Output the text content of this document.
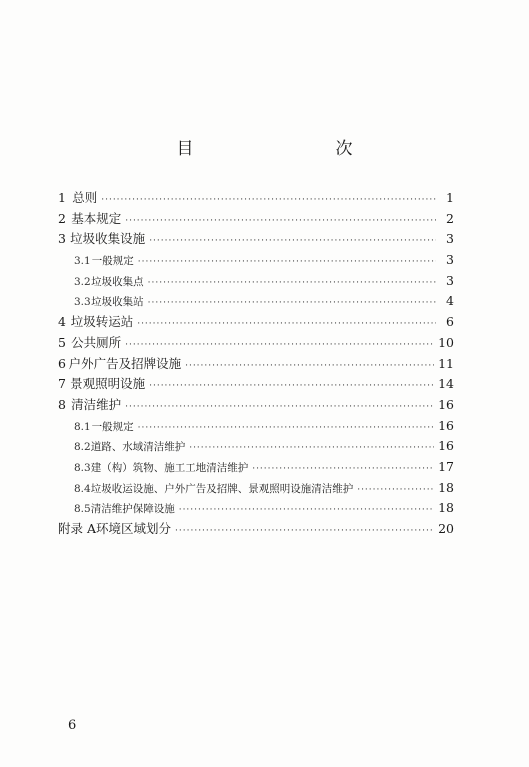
目　　次
1 总则 ·····	1
2 基本规定 ·····	2
3 垃圾收集设施 ·····	3
3.1 一般规定 ·····	3
3.2 垃圾收集点 ·····	3
3.3 垃圾收集站 ·····	4
4 垃圾转运站 ·····	6
5 公共厕所 ·····	10
6 户外广告及招牌设施 ·····	11
7 景观照明设施 ·····	14
8 清洁维护 ·····	16
8.1 一般规定 ·····	16
8.2 道路、水域清洁维护 ·····	16
8.3 建（构）筑物、施工工地清洁维护 ·····	17
8.4 垃圾收运设施、户外广告及招牌、景观照明设施清洁维护 ·····	18
8.5 清洁维护保障设施 ·····	18
附录 A 环境区域划分 ·····	20
6
